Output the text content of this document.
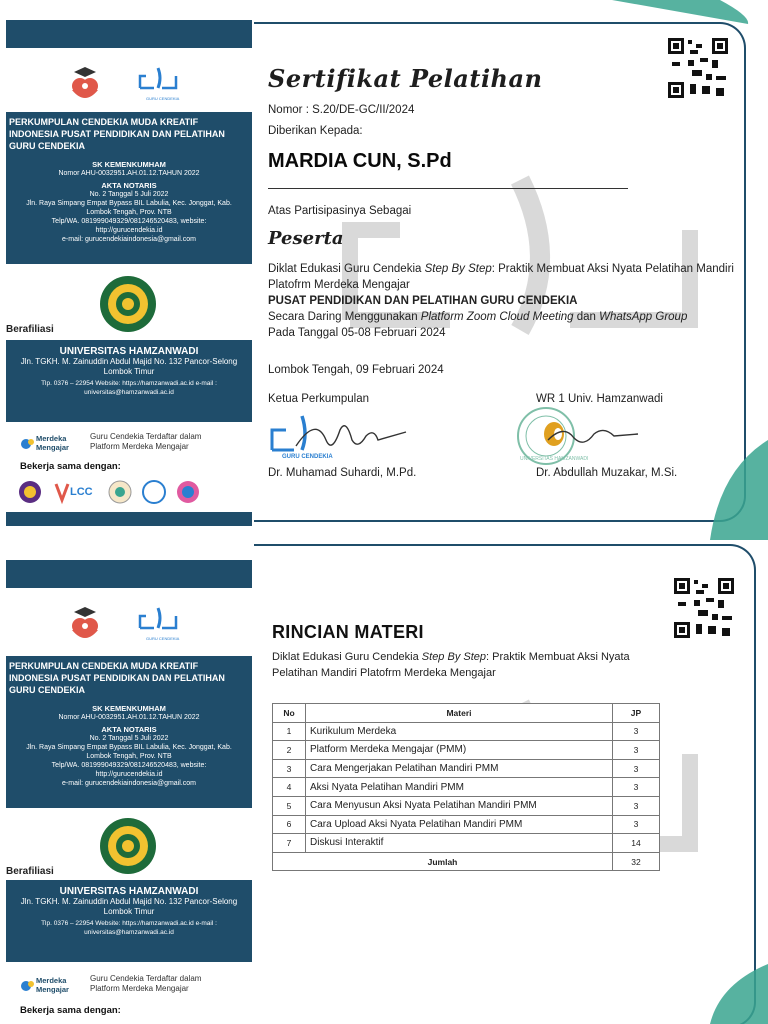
GURU CENDEKIA
PERKUMPULAN CENDEKIA MUDA KREATIF INDONESIA PUSAT PENDIDIKAN DAN PELATIHAN GURU CENDEKIA
SK KEMENKUMHAM
Nomor AHU-0032951.AH.01.12.TAHUN 2022
AKTA NOTARIS
No. 2 Tanggal 5 Juli 2022
Jln. Raya Simpang Empat Bypass BIL Labulia, Kec. Jonggat, Kab. Lombok Tengah, Prov. NTB
Telp/WA. 081999049329/081246520483, website: http://gurucendekia.id
e-mail: gurucendekiaindonesia@gmail.com
Berafiliasi
UNIVERSITAS HAMZANWADI
Jln. TGKH. M. Zainuddin Abdul Majid No. 132 Pancor-Selong Lombok Timur
Tlp. 0376 – 22954 Website: https://hamzanwadi.ac.id e-mail : universitas@hamzanwadi.ac.id
Merdeka Mengajar
Guru Cendekia Terdaftar dalam Platform Merdeka Mengajar
Bekerja sama dengan:
LCC
Sertifikat Pelatihan
Nomor : S.20/DE-GC/II/2024
Diberikan Kepada:
MARDIA CUN, S.Pd
Atas Partisipasinya Sebagai
Peserta
Diklat Edukasi Guru Cendekia Step By Step: Praktik Membuat Aksi Nyata Pelatihan Mandiri Platofrm Merdeka Mengajar
PUSAT PENDIDIKAN DAN PELATIHAN GURU CENDEKIA
Secara Daring Menggunakan Platform Zoom Cloud Meeting dan WhatsApp Group
Pada Tanggal 05-08 Februari 2024
Lombok Tengah, 09 Februari 2024
Ketua Perkumpulan	WR 1 Univ. Hamzanwadi
GURU CENDEKIA	UNIVERSITAS HAMZANWADI
Dr. Muhamad Suhardi, M.Pd.	Dr. Abdullah Muzakar, M.Si.
GURU CENDEKIA
PERKUMPULAN CENDEKIA MUDA KREATIF INDONESIA PUSAT PENDIDIKAN DAN PELATIHAN GURU CENDEKIA
SK KEMENKUMHAM
Nomor AHU-0032951.AH.01.12.TAHUN 2022
AKTA NOTARIS
No. 2 Tanggal 5 Juli 2022
Jln. Raya Simpang Empat Bypass BIL Labulia, Kec. Jonggat, Kab. Lombok Tengah, Prov. NTB
Telp/WA. 081999049329/081246520483, website: http://gurucendekia.id
e-mail: gurucendekiaindonesia@gmail.com
Berafiliasi
UNIVERSITAS HAMZANWADI
Jln. TGKH. M. Zainuddin Abdul Majid No. 132 Pancor-Selong Lombok Timur
Tlp. 0376 – 22954 Website: https://hamzanwadi.ac.id e-mail : universitas@hamzanwadi.ac.id
Merdeka Mengajar
Guru Cendekia Terdaftar dalam Platform Merdeka Mengajar
Bekerja sama dengan:
RINCIAN MATERI
Diklat Edukasi Guru Cendekia Step By Step: Praktik Membuat Aksi Nyata Pelatihan Mandiri Platofrm Merdeka Mengajar
No	Materi	JP
1	Kurikulum Merdeka	3
2	Platform Merdeka Mengajar (PMM)	3
3	Cara Mengerjakan Pelatihan Mandiri PMM	3
4	Aksi Nyata Pelatihan Mandiri PMM	3
5	Cara Menyusun Aksi Nyata Pelatihan Mandiri PMM	3
6	Cara Upload Aksi Nyata Pelatihan Mandiri PMM	3
7	Diskusi Interaktif	14
Jumlah		32
